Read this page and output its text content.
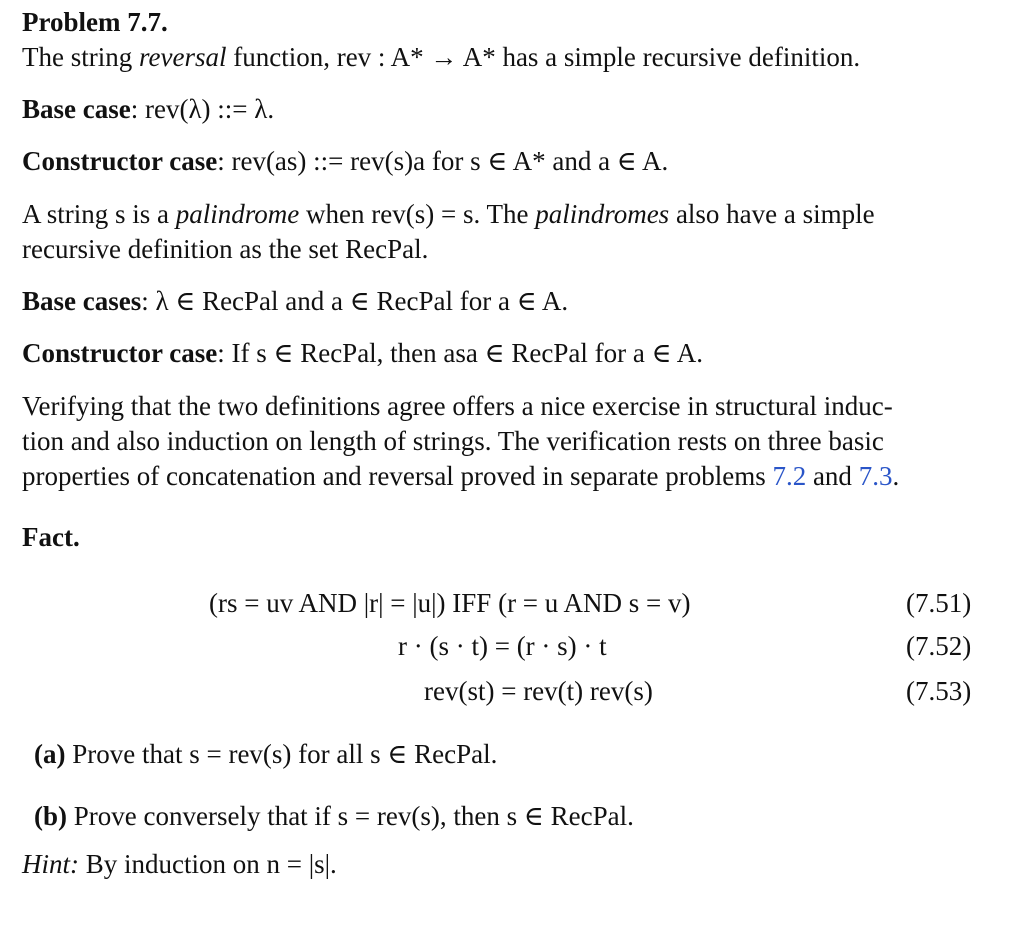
Problem 7.7.
The string reversal function, rev : A* → A* has a simple recursive definition.
Base case: rev(λ) ::= λ.
Constructor case: rev(as) ::= rev(s)a for s ∈ A* and a ∈ A.
A string s is a palindrome when rev(s) = s. The palindromes also have a simple
recursive definition as the set RecPal.
Base cases: λ ∈ RecPal and a ∈ RecPal for a ∈ A.
Constructor case: If s ∈ RecPal, then asa ∈ RecPal for a ∈ A.
Verifying that the two definitions agree offers a nice exercise in structural induc-
tion and also induction on length of strings. The verification rests on three basic
properties of concatenation and reversal proved in separate problems 7.2 and 7.3.
Fact.
(rs = uv AND |r| = |u|) IFF (r = u AND s = v)	(7.51)
r · (s · t) = (r · s) · t	(7.52)
rev(st) = rev(t) rev(s)	(7.53)
(a) Prove that s = rev(s) for all s ∈ RecPal.
(b) Prove conversely that if s = rev(s), then s ∈ RecPal.
Hint: By induction on n = |s|.
